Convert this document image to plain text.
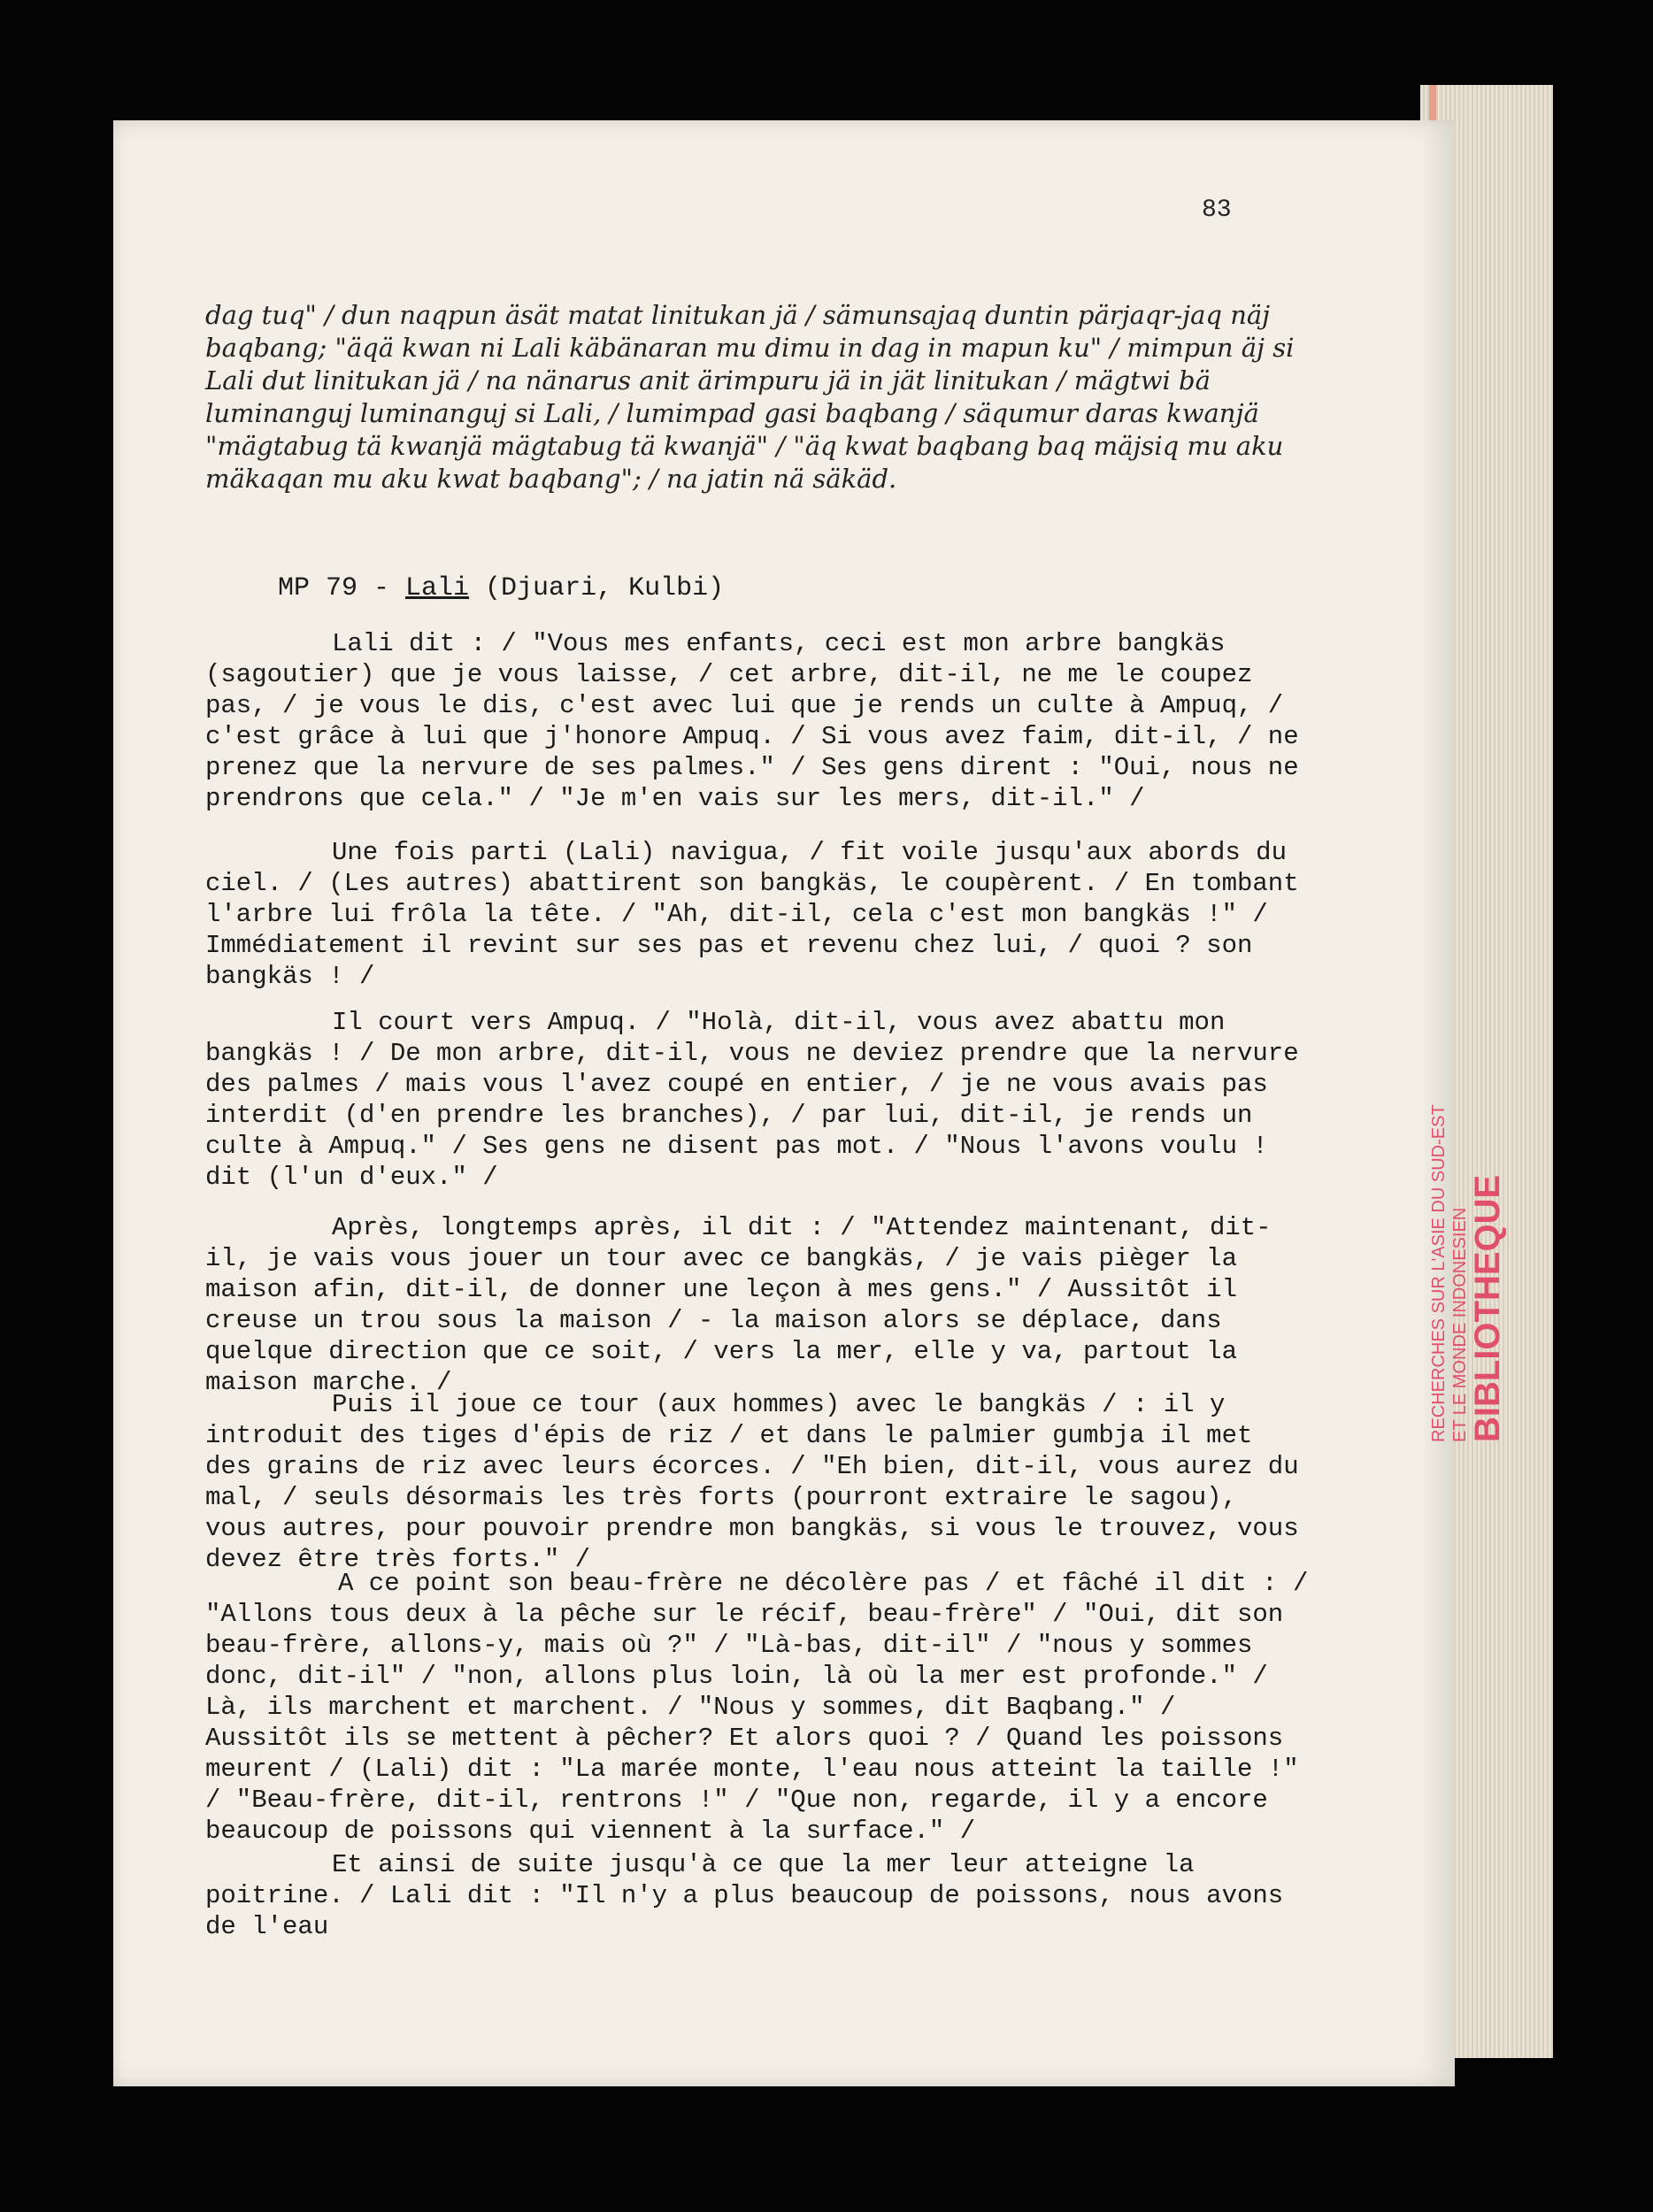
83
dag tuq" / dun naqpun äsät matat linitukan jä / sämunsajaq duntin pärjaqr-jaq näj baqbang; "äqä kwan ni Lali käbänaran mu dimu in dag in mapun ku" / mimpun äj si Lali dut linitukan jä / na nänarus anit ärimpuru jä in jät linitukan / mägtwi bä luminanguj luminanguj si Lali, / lumimpad gasi baqbang / säqumur daras kwanjä "mägtabug tä kwanjä mägtabug tä kwanjä" / "äq kwat baqbang baq mäjsiq mu aku mäkaqan mu aku kwat baqbang"; / na jatin nä säkäd.
MP 79 - Lali (Djuari, Kulbi)

Lali dit : / "Vous mes enfants, ceci est mon arbre bangkäs (sagoutier) que je vous laisse, / cet arbre, dit-il, ne me le coupez pas, / je vous le dis, c'est avec lui que je rends un culte à Ampuq, / c'est grâce à lui que j'honore Ampuq. / Si vous avez faim, dit-il, / ne prenez que la nervure de ses palmes." / Ses gens dirent : "Oui, nous ne prendrons que cela." / "Je m'en vais sur les mers, dit-il." /

Une fois parti (Lali) navigua, / fit voile jusqu'aux abords du ciel. / (Les autres) abattirent son bangkäs, le coupèrent. / En tombant l'arbre lui frôla la tête. / "Ah, dit-il, cela c'est mon bangkäs !" / Immédiatement il revint sur ses pas et revenu chez lui, / quoi ? son bangkäs ! /

Il court vers Ampuq. / "Holà, dit-il, vous avez abattu mon bangkäs ! / De mon arbre, dit-il, vous ne deviez prendre que la nervure des palmes / mais vous l'avez coupé en entier, / je ne vous avais pas interdit (d'en prendre les branches), / par lui, dit-il, je rends un culte à Ampuq." / Ses gens ne disent pas mot. / "Nous l'avons voulu ! dit (l'un d'eux." /

Après, longtemps après, il dit : / "Attendez maintenant, dit-il, je vais vous jouer un tour avec ce bangkäs, / je vais pièger la maison afin, dit-il, de donner une leçon à mes gens." / Aussitôt il creuse un trou sous la maison / - la maison alors se déplace, dans quelque direction que ce soit, / vers la mer, elle y va, partout la maison marche. /

Puis il joue ce tour (aux hommes) avec le bangkäs / : il y introduit des tiges d'épis de riz / et dans le palmier gumbja il met des grains de riz avec leurs écorces. / "Eh bien, dit-il, vous aurez du mal, / seuls désormais les très forts (pourront extraire le sagou), vous autres, pour pouvoir prendre mon bangkäs, si vous le trouvez, vous devez être très forts." /

A ce point son beau-frère ne décolère pas / et fâché il dit : / "Allons tous deux à la pêche sur le récif, beau-frère" / "Oui, dit son beau-frère, allons-y, mais où ?" / "Là-bas, dit-il" / "nous y sommes donc, dit-il" / "non, allons plus loin, là où la mer est profonde." / Là, ils marchent et marchent. / "Nous y sommes, dit Baqbang." / Aussitôt ils se mettent à pêcher? Et alors quoi ? / Quand les poissons meurent / (Lali) dit : "La marée monte, l'eau nous atteint la taille !" / "Beau-frère, dit-il, rentrons !" / "Que non, regarde, il y a encore beaucoup de poissons qui viennent à la surface." /

Et ainsi de suite jusqu'à ce que la mer leur atteigne la poitrine. / Lali dit : "Il n'y a plus beaucoup de poissons, nous avons de l'eau

RECHERCHES SUR L'ASIE DU SUD-EST ET LE MONDE INDONESIEN
BIBLIOTHEQUE
